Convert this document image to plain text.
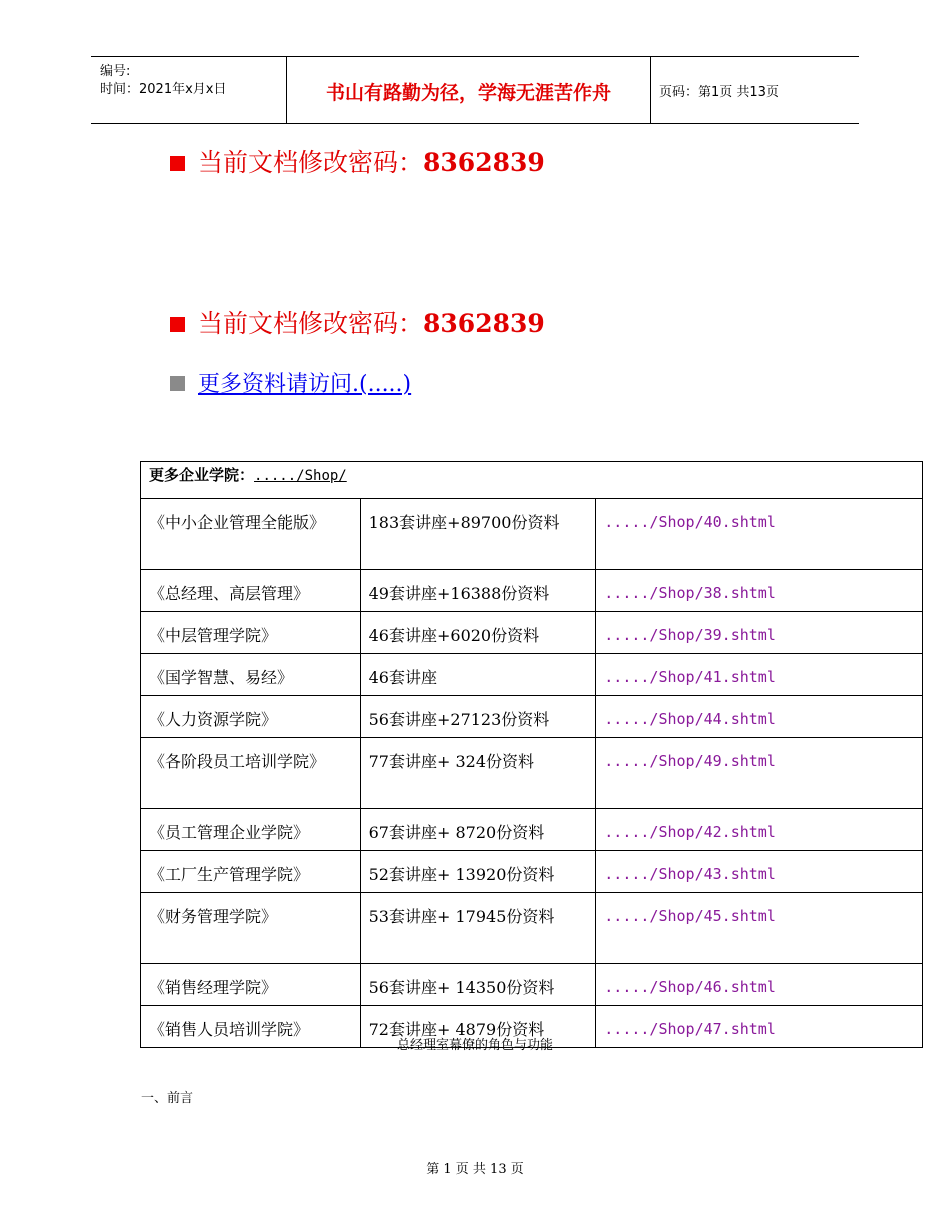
编号:
时间：2021年x月x日	书山有路勤为径，学海无涯苦作舟	页码：第1页 共13页
当前文档修改密码：8362839
当前文档修改密码：8362839
更多资料请访问.(.....)
更多企业学院：...../Shop/		
《中小企业管理全能版》	183套讲座+89700份资料	...../Shop/40.shtml
《总经理、高层管理》	49套讲座+16388份资料	...../Shop/38.shtml
《中层管理学院》	46套讲座+6020份资料	...../Shop/39.shtml
《国学智慧、易经》	46套讲座	...../Shop/41.shtml
《人力资源学院》	56套讲座+27123份资料	...../Shop/44.shtml
《各阶段员工培训学院》	77套讲座+ 324份资料	...../Shop/49.shtml
《员工管理企业学院》	67套讲座+ 8720份资料	...../Shop/42.shtml
《工厂生产管理学院》	52套讲座+ 13920份资料	...../Shop/43.shtml
《财务管理学院》	53套讲座+ 17945份资料	...../Shop/45.shtml
《销售经理学院》	56套讲座+ 14350份资料	...../Shop/46.shtml
《销售人员培训学院》	72套讲座+ 4879份资料	...../Shop/47.shtml
总经理室幕僚的角色与功能
一、前言
第 1 页 共 13 页
